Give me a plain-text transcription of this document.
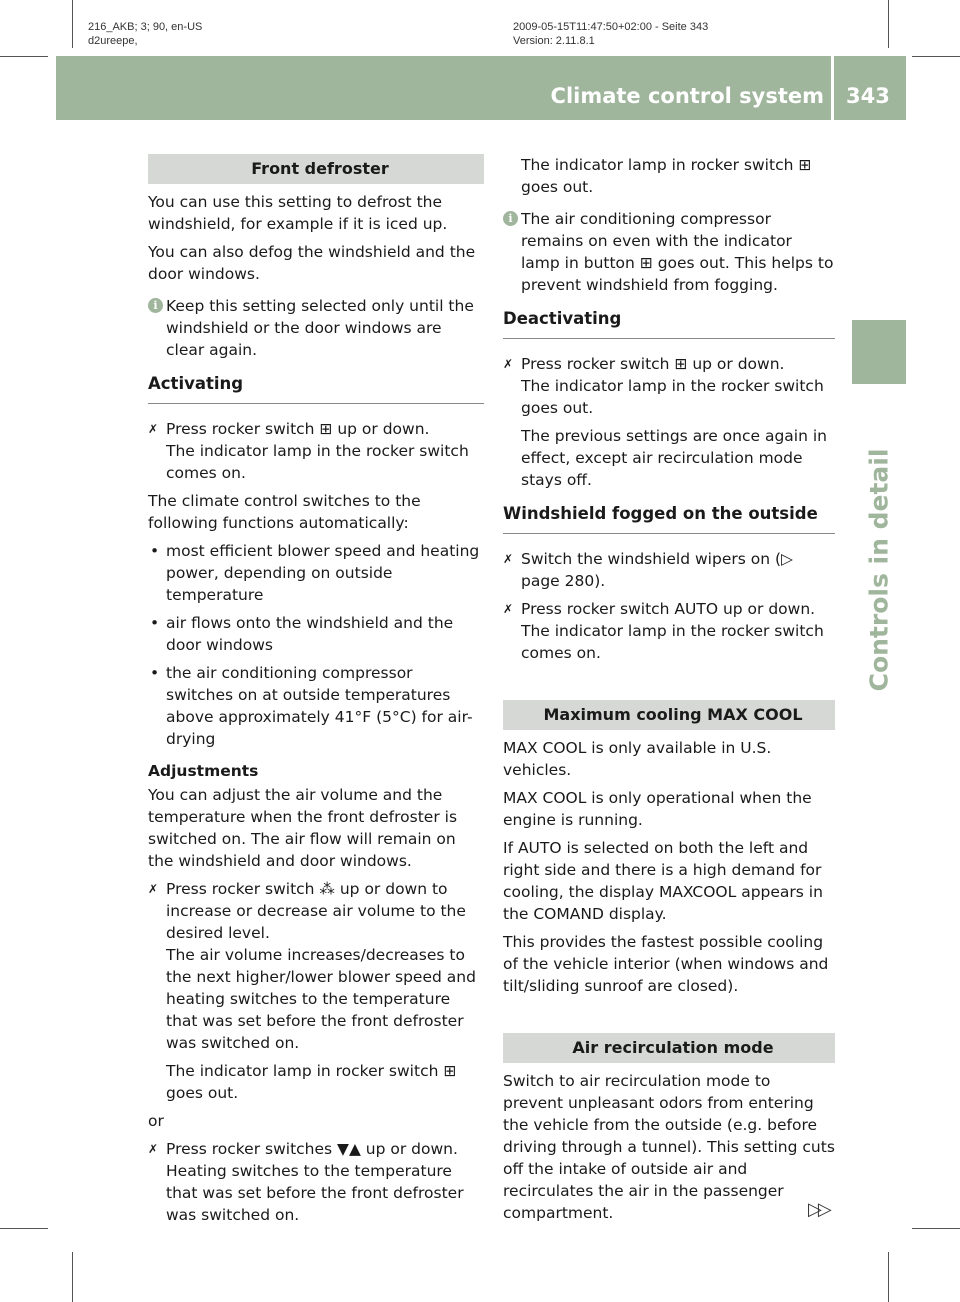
216_AKB; 3; 90, en-US
d2ureepe,
2009-05-15T11:47:50+02:00 - Seite 343
Version: 2.11.8.1
Climate control system 343
Controls in detail
Front defroster

You can use this setting to defrost the windshield, for example if it is iced up.

You can also defog the windshield and the door windows.

i Keep this setting selected only until the windshield or the door windows are clear again.
Activating
✗ Press rocker switch ⊞ up or down.
The indicator lamp in the rocker switch comes on.

The climate control switches to the following functions automatically:

• most efficient blower speed and heating power, depending on outside temperature
• air flows onto the windshield and the door windows
• the air conditioning compressor switches on at outside temperatures above approximately 41°F (5°C) for air-drying
Adjustments

You can adjust the air volume and the temperature when the front defroster is switched on. The air flow will remain on the windshield and door windows.

✗ Press rocker switch ⁂ up or down to increase or decrease air volume to the desired level.
The air volume increases/decreases to the next higher/lower blower speed and heating switches to the temperature that was set before the front defroster was switched on.
The indicator lamp in rocker switch ⊞ goes out.

or

✗ Press rocker switches ▼▲ up or down.
Heating switches to the temperature that was set before the front defroster was switched on.
The indicator lamp in rocker switch ⊞ goes out.
i The air conditioning compressor remains on even with the indicator lamp in button ⊞ goes out. This helps to prevent windshield from fogging.
Deactivating
✗ Press rocker switch ⊞ up or down.
The indicator lamp in the rocker switch goes out.
The previous settings are once again in effect, except air recirculation mode stays off.
Windshield fogged on the outside
✗ Switch the windshield wipers on (▷ page 280).
✗ Press rocker switch AUTO up or down.
The indicator lamp in the rocker switch comes on.
Maximum cooling MAX COOL

MAX COOL is only available in U.S. vehicles.

MAX COOL is only operational when the engine is running.

If AUTO is selected on both the left and right side and there is a high demand for cooling, the display MAXCOOL appears in the COMAND display.

This provides the fastest possible cooling of the vehicle interior (when windows and tilt/sliding sunroof are closed).

Air recirculation mode

Switch to air recirculation mode to prevent unpleasant odors from entering the vehicle from the outside (e.g. before driving through a tunnel). This setting cuts off the intake of outside air and recirculates the air in the passenger compartment.	▷▷
